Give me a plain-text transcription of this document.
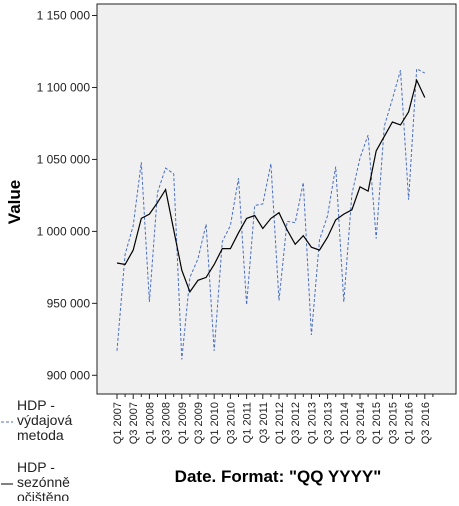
900 000
950 000
1 000 000
1 050 000
1 100 000
1 150 000
Q1 2007 Q3 2007 Q1 2008 Q3 2008 Q1 2009 Q3 2009 Q1 2010 Q3 2010 Q1 2011 Q3 2011 Q1 2012 Q3 2012 Q1 2013 Q3 2013 Q1 2014 Q3 2014 Q1 2015 Q3 2015 Q1 2016 Q3 2016
Value
Date. Format: "QQ YYYY"
HDP -výdajová metoda
HDP -sezónně očištěno
